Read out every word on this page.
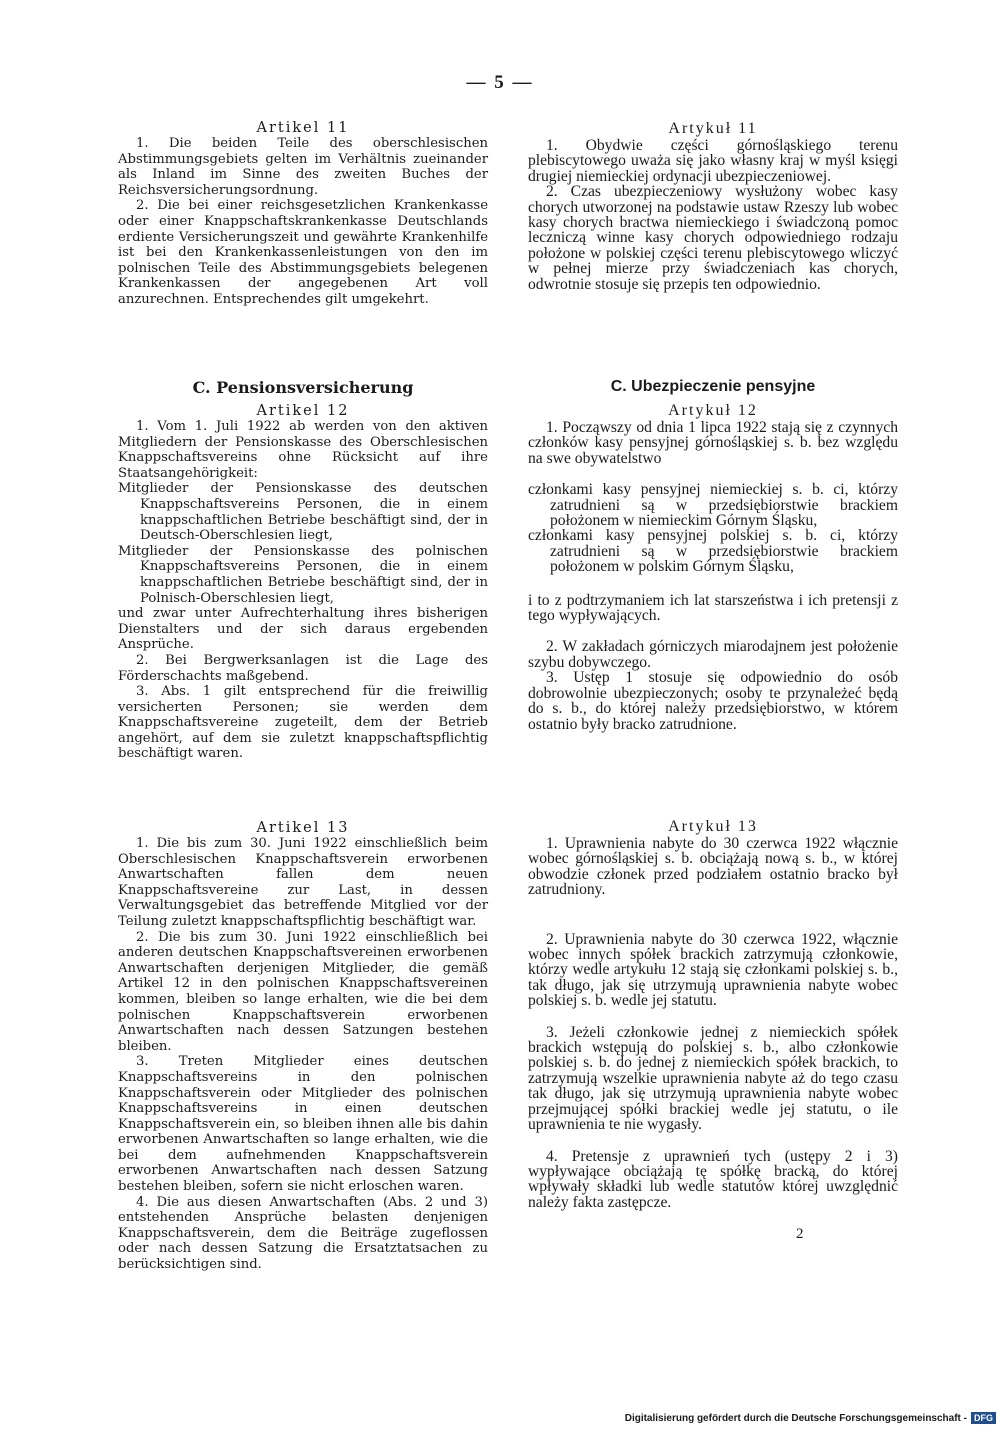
— 5 —

Artikel 11

1. Die beiden Teile des oberschlesischen Abstimmungsgebiets gelten im Verhältnis zueinander als Inland im Sinne des zweiten Buches der Reichsversicherungsordnung.

2. Die bei einer reichsgesetzlichen Krankenkasse oder einer Knappschaftskrankenkasse Deutschlands erdiente Versicherungszeit und gewährte Krankenhilfe ist bei den Krankenkassenleistungen von den im polnischen Teile des Abstimmungsgebiets belegenen Krankenkassen der angegebenen Art voll anzurechnen. Entsprechendes gilt umgekehrt.

C. Pensionsversicherung

Artikel 12

1. Vom 1. Juli 1922 ab werden von den aktiven Mitgliedern der Pensionskasse des Oberschlesischen Knappschaftsvereins ohne Rücksicht auf ihre Staatsangehörigkeit:

Mitglieder der Pensionskasse des deutschen Knappschaftsvereins Personen, die in einem knappschaftlichen Betriebe beschäftigt sind, der in Deutsch-Oberschlesien liegt,

Mitglieder der Pensionskasse des polnischen Knappschaftsvereins Personen, die in einem knappschaftlichen Betriebe beschäftigt sind, der in Polnisch-Oberschlesien liegt,

und zwar unter Aufrechterhaltung ihres bisherigen Dienstalters und der sich daraus ergebenden Ansprüche.

2. Bei Bergwerksanlagen ist die Lage des Förderschachts maßgebend.

3. Abs. 1 gilt entsprechend für die freiwillig versicherten Personen; sie werden dem Knappschaftsvereine zugeteilt, dem der Betrieb angehört, auf dem sie zuletzt knappschaftspflichtig beschäftigt waren.

Artikel 13

1. Die bis zum 30. Juni 1922 einschließlich beim Oberschlesischen Knappschaftsverein erworbenen Anwartschaften fallen dem neuen Knappschaftsvereine zur Last, in dessen Verwaltungsgebiet das betreffende Mitglied vor der Teilung zuletzt knappschaftspflichtig beschäftigt war.

2. Die bis zum 30. Juni 1922 einschließlich bei anderen deutschen Knappschaftsvereinen erworbenen Anwartschaften derjenigen Mitglieder, die gemäß Artikel 12 in den polnischen Knappschaftsvereinen kommen, bleiben so lange erhalten, wie die bei dem polnischen Knappschaftsverein erworbenen Anwartschaften nach dessen Satzungen bestehen bleiben.

3. Treten Mitglieder eines deutschen Knappschaftsvereins in den polnischen Knappschaftsverein oder Mitglieder des polnischen Knappschaftsvereins in einen deutschen Knappschaftsverein ein, so bleiben ihnen alle bis dahin erworbenen Anwartschaften so lange erhalten, wie die bei dem aufnehmenden Knappschaftsverein erworbenen Anwartschaften nach dessen Satzung bestehen bleiben, sofern sie nicht erloschen waren.

4. Die aus diesen Anwartschaften (Abs. 2 und 3) entstehenden Ansprüche belasten denjenigen Knappschaftsverein, dem die Beiträge zugeflossen oder nach dessen Satzung die Ersatztatsachen zu berücksichtigen sind.

Artykuł 11

1. Obydwie części górnośląskiego terenu plebiscytowego uważa się jako własny kraj w myśl księgi drugiej niemieckiej ordynacji ubezpieczeniowej.

2. Czas ubezpieczeniowy wysłużony wobec kasy chorych utworzonej na podstawie ustaw Rzeszy lub wobec kasy chorych bractwa niemieckiego i świadczoną pomoc leczniczą winne kasy chorych odpowiedniego rodzaju położone w polskiej części terenu plebiscytowego wliczyć w pełnej mierze przy świadczeniach kas chorych, odwrotnie stosuje się przepis ten odpowiednio.

C. Ubezpieczenie pensyjne

Artykuł 12

1. Począwszy od dnia 1 lipca 1922 stają się z czynnych członków kasy pensyjnej górnośląskiej s. b. bez względu na swe obywatelstwo

członkami kasy pensyjnej niemieckiej s. b. ci, którzy zatrudnieni są w przedsiębiorstwie brackiem położonem w niemieckim Górnym Śląsku,

członkami kasy pensyjnej polskiej s. b. ci, którzy zatrudnieni są w przedsiębiorstwie brackiem położonem w polskim Górnym Śląsku,

i to z podtrzymaniem ich lat starszeństwa i ich pretensji z tego wypływających.

2. W zakładach górniczych miarodajnem jest położenie szybu dobywczego.

3. Ustęp 1 stosuje się odpowiednio do osób dobrowolnie ubezpieczonych; osoby te przynależeć będą do s. b., do której należy przedsiębiorstwo, w którem ostatnio były bracko zatrudnione.

Artykuł 13

1. Uprawnienia nabyte do 30 czerwca 1922 włącznie wobec górnośląskiej s. b. obciążają nową s. b., w której obwodzie członek przed podziałem ostatnio bracko był zatrudniony.

2. Uprawnienia nabyte do 30 czerwca 1922, włącznie wobec innych spółek brackich zatrzymują członkowie, którzy wedle artykułu 12 stają się członkami polskiej s. b., tak długo, jak się utrzymują uprawnienia nabyte wobec polskiej s. b. wedle jej statutu.

3. Jeżeli członkowie jednej z niemieckich spółek brackich wstępują do polskiej s. b., albo członkowie polskiej s. b. do jednej z niemieckich spółek brackich, to zatrzymują wszelkie uprawnienia nabyte aż do tego czasu tak długo, jak się utrzymują uprawnienia nabyte wobec przejmującej spółki brackiej wedle jej statutu, o ile uprawnienia te nie wygasły.

4. Pretensje z uprawnień tych (ustępy 2 i 3) wypływające obciążają tę spółkę bracką, do której wpływały składki lub wedle statutów której uwzględnić należy fakta zastępcze.

2
Digitalisierung gefördert durch die Deutsche Forschungsgemeinschaft - DFG
